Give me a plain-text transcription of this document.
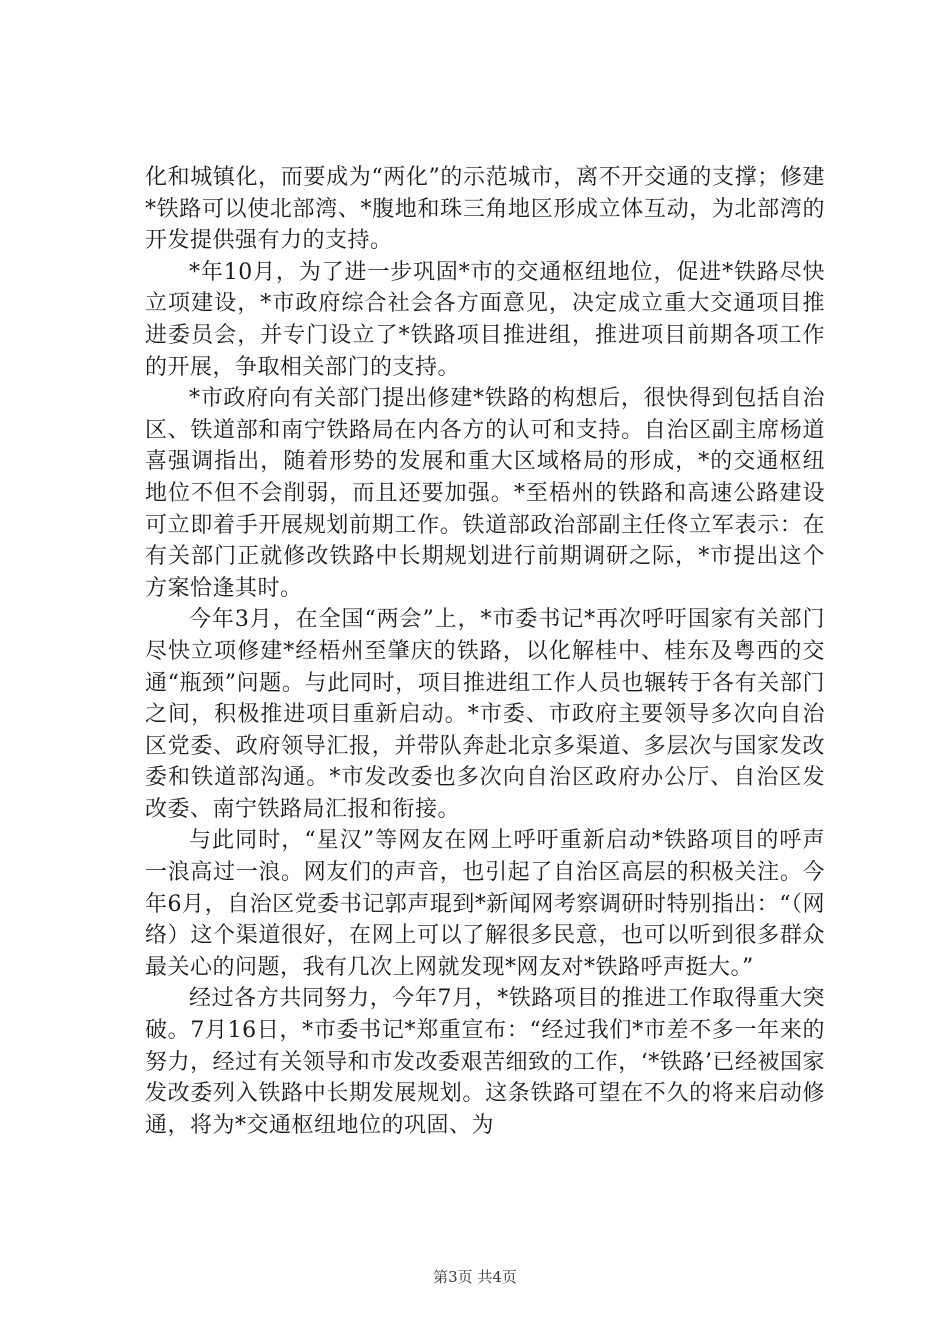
化和城镇化，而要成为“两化”的示范城市，离不开交通的支撑；修建*铁路可以使北部湾、*腹地和珠三角地区形成立体互动，为北部湾的开发提供强有力的支持。

*年10月，为了进一步巩固*市的交通枢纽地位，促进*铁路尽快立项建设，*市政府综合社会各方面意见，决定成立重大交通项目推进委员会，并专门设立了*铁路项目推进组，推进项目前期各项工作的开展，争取相关部门的支持。

*市政府向有关部门提出修建*铁路的构想后，很快得到包括自治区、铁道部和南宁铁路局在内各方的认可和支持。自治区副主席杨道喜强调指出，随着形势的发展和重大区域格局的形成，*的交通枢纽地位不但不会削弱，而且还要加强。*至梧州的铁路和高速公路建设可立即着手开展规划前期工作。铁道部政治部副主任佟立军表示：在有关部门正就修改铁路中长期规划进行前期调研之际，*市提出这个方案恰逢其时。

今年3月，在全国“两会”上，*市委书记*再次呼吁国家有关部门尽快立项修建*经梧州至肇庆的铁路，以化解桂中、桂东及粤西的交通“瓶颈”问题。与此同时，项目推进组工作人员也辗转于各有关部门之间，积极推进项目重新启动。*市委、市政府主要领导多次向自治区党委、政府领导汇报，并带队奔赴北京多渠道、多层次与国家发改委和铁道部沟通。*市发改委也多次向自治区政府办公厅、自治区发改委、南宁铁路局汇报和衔接。

与此同时，“星汉”等网友在网上呼吁重新启动*铁路项目的呼声一浪高过一浪。网友们的声音，也引起了自治区高层的积极关注。今年6月，自治区党委书记郭声琨到*新闻网考察调研时特别指出：“（网络）这个渠道很好，在网上可以了解很多民意，也可以听到很多群众最关心的问题，我有几次上网就发现*网友对*铁路呼声挺大。”

经过各方共同努力，今年7月，*铁路项目的推进工作取得重大突破。7月16日，*市委书记*郑重宣布：“经过我们*市差不多一年来的努力，经过有关领导和市发改委艰苦细致的工作，‘*铁路’已经被国家发改委列入铁路中长期发展规划。这条铁路可望在不久的将来启动修通，将为*交通枢纽地位的巩固、为

第3页 共4页
